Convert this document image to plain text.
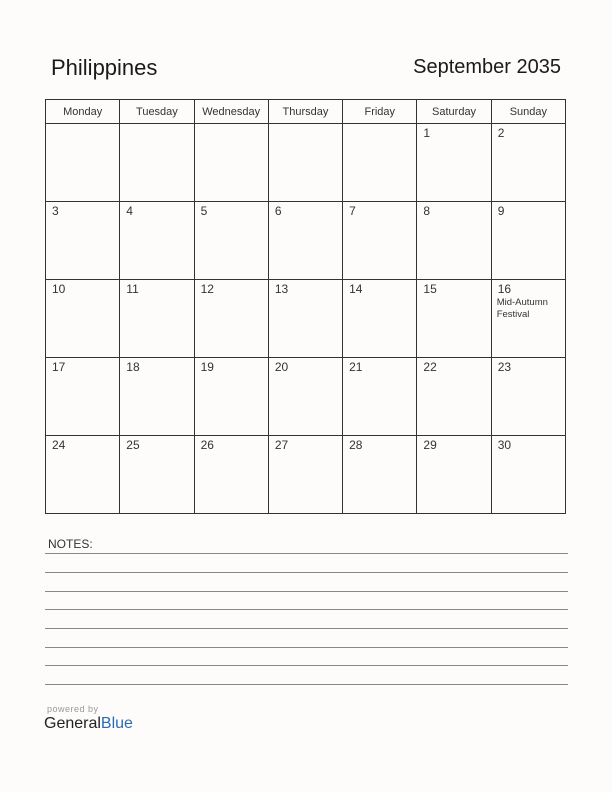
Philippines	September 2035
Monday	Tuesday	Wednesday	Thursday	Friday	Saturday	Sunday

					1	2

3	4	5	6	7	8	9

10	11	12	13	14	15	16
Mid-Autumn Festival

17	18	19	20	21	22	23

24	25	26	27	28	29	30
NOTES:
powered by
GeneralBlue
